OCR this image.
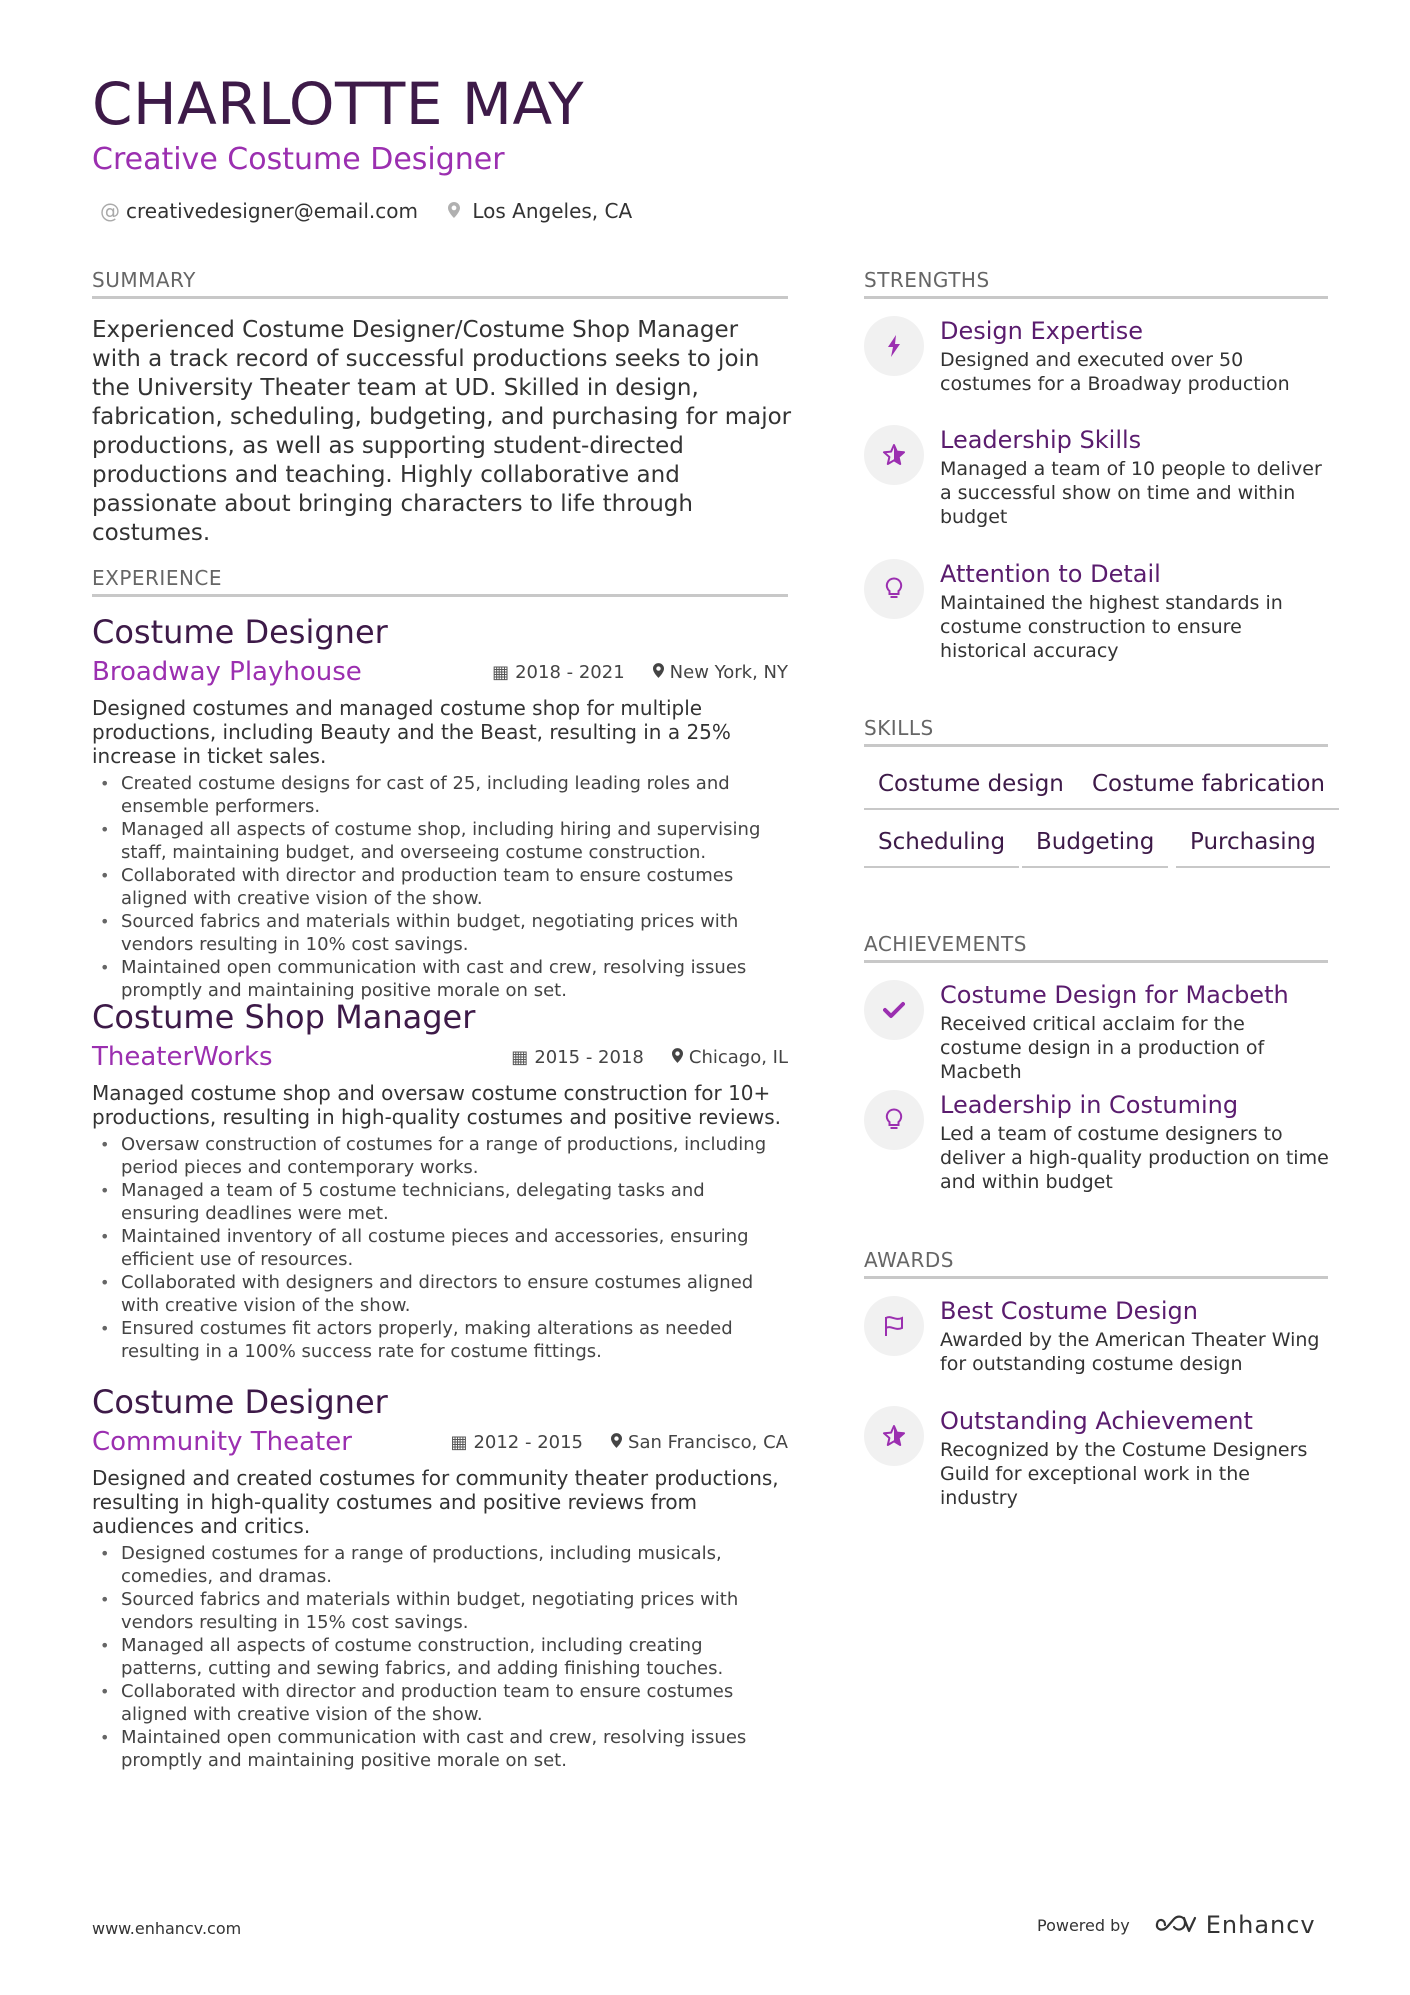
CHARLOTTE MAY
Creative Costume Designer
@ creativedesigner@email.com	Los Angeles, CA
SUMMARY
Experienced Costume Designer/Costume Shop Manager with a track record of successful productions seeks to join the University Theater team at UD. Skilled in design, fabrication, scheduling, budgeting, and purchasing for major productions, as well as supporting student-directed productions and teaching. Highly collaborative and passionate about bringing characters to life through costumes.
EXPERIENCE
Costume Designer
Broadway Playhouse	▦ 2018 - 2021	New York, NY
Designed costumes and managed costume shop for multiple productions, including Beauty and the Beast, resulting in a 25% increase in ticket sales.
• Created costume designs for cast of 25, including leading roles and ensemble performers.
• Managed all aspects of costume shop, including hiring and supervising staff, maintaining budget, and overseeing costume construction.
• Collaborated with director and production team to ensure costumes aligned with creative vision of the show.
• Sourced fabrics and materials within budget, negotiating prices with vendors resulting in 10% cost savings.
• Maintained open communication with cast and crew, resolving issues promptly and maintaining positive morale on set.
Costume Shop Manager
TheaterWorks	▦ 2015 - 2018	Chicago, IL
Managed costume shop and oversaw costume construction for 10+ productions, resulting in high-quality costumes and positive reviews.
• Oversaw construction of costumes for a range of productions, including period pieces and contemporary works.
• Managed a team of 5 costume technicians, delegating tasks and ensuring deadlines were met.
• Maintained inventory of all costume pieces and accessories, ensuring efficient use of resources.
• Collaborated with designers and directors to ensure costumes aligned with creative vision of the show.
• Ensured costumes fit actors properly, making alterations as needed resulting in a 100% success rate for costume fittings.
Costume Designer
Community Theater	▦ 2012 - 2015	San Francisco, CA
Designed and created costumes for community theater productions, resulting in high-quality costumes and positive reviews from audiences and critics.
• Designed costumes for a range of productions, including musicals, comedies, and dramas.
• Sourced fabrics and materials within budget, negotiating prices with vendors resulting in 15% cost savings.
• Managed all aspects of costume construction, including creating patterns, cutting and sewing fabrics, and adding finishing touches.
• Collaborated with director and production team to ensure costumes aligned with creative vision of the show.
• Maintained open communication with cast and crew, resolving issues promptly and maintaining positive morale on set.
STRENGTHS
Design Expertise
Designed and executed over 50 costumes for a Broadway production
Leadership Skills
Managed a team of 10 people to deliver a successful show on time and within budget
Attention to Detail
Maintained the highest standards in costume construction to ensure historical accuracy
SKILLS
Costume design	Costume fabrication
Scheduling	Budgeting	Purchasing
ACHIEVEMENTS
Costume Design for Macbeth
Received critical acclaim for the costume design in a production of Macbeth
Leadership in Costuming
Led a team of costume designers to deliver a high-quality production on time and within budget
AWARDS
Best Costume Design
Awarded by the American Theater Wing for outstanding costume design
Outstanding Achievement
Recognized by the Costume Designers Guild for exceptional work in the industry
www.enhancv.com	Powered by	Enhancv
